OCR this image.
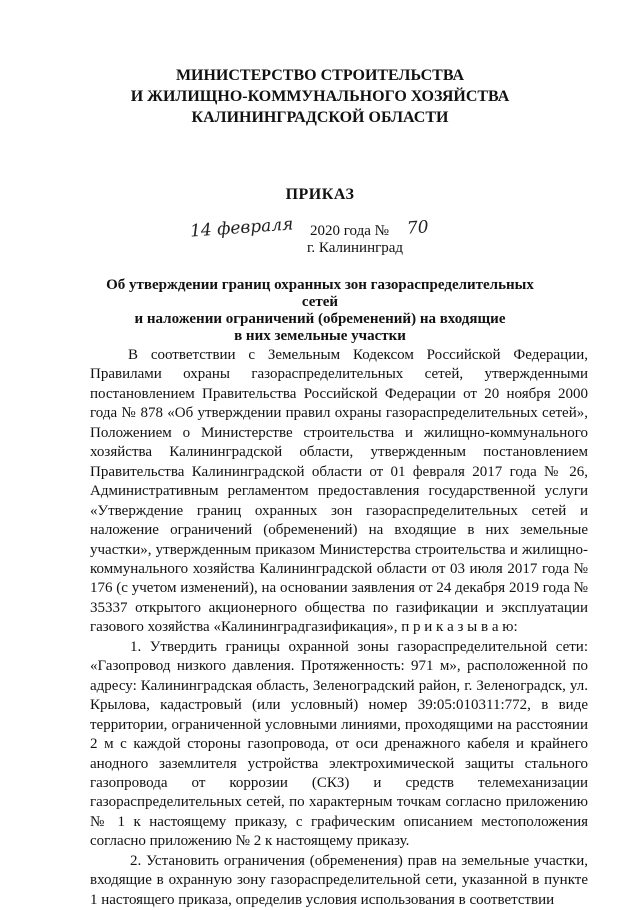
МИНИСТЕРСТВО СТРОИТЕЛЬСТВА
И ЖИЛИЩНО-КОММУНАЛЬНОГО ХОЗЯЙСТВА
КАЛИНИНГРАДСКОЙ ОБЛАСТИ
ПРИКАЗ
14 февраля 2020 года № 70
г. Калининград
Об утверждении границ охранных зон газораспределительных сетей
и наложении ограничений (обременений) на входящие
в них земельные участки

В соответствии с Земельным Кодексом Российской Федерации, Правилами охраны газораспределительных сетей, утвержденными постановлением Правительства Российской Федерации от 20 ноября 2000 года № 878 «Об утверждении правил охраны газораспределительных сетей», Положением о Министерстве строительства и жилищно-коммунального хозяйства Калининградской области, утвержденным постановлением Правительства Калининградской области от 01 февраля 2017 года № 26, Административным регламентом предоставления государственной услуги «Утверждение границ охранных зон газораспределительных сетей и наложение ограничений (обременений) на входящие в них земельные участки», утвержденным приказом Министерства строительства и жилищно-коммунального хозяйства Калининградской области от 03 июля 2017 года № 176 (с учетом изменений), на основании заявления от 24 декабря 2019 года № 35337 открытого акционерного общества по газификации и эксплуатации газового хозяйства «Калининградгазификация», п р и к а з ы в а ю:

1. Утвердить границы охранной зоны газораспределительной сети: «Газопровод низкого давления. Протяженность: 971 м», расположенной по адресу: Калининградская область, Зеленоградский район, г. Зеленоградск, ул. Крылова, кадастровый (или условный) номер 39:05:010311:772, в виде территории, ограниченной условными линиями, проходящими на расстоянии 2 м с каждой стороны газопровода, от оси дренажного кабеля и крайнего анодного заземлителя устройства электрохимической защиты стального газопровода от коррозии (СКЗ) и средств телемеханизации газораспределительных сетей, по характерным точкам согласно приложению № 1 к настоящему приказу, с графическим описанием местоположения согласно приложению № 2 к настоящему приказу.

2. Установить ограничения (обременения) прав на земельные участки, входящие в охранную зону газораспределительной сети, указанной в пункте 1 настоящего приказа, определив условия использования в соответствии
